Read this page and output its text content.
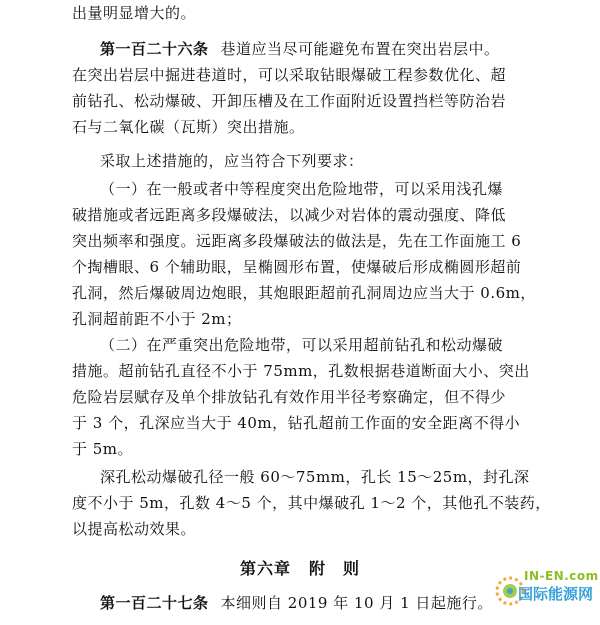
出量明显增大的。
第一百二十六条 巷道应当尽可能避免布置在突出岩层中。
在突出岩层中掘进巷道时，可以采取钻眼爆破工程参数优化、超
前钻孔、松动爆破、开卸压槽及在工作面附近设置挡栏等防治岩
石与二氧化碳（瓦斯）突出措施。
采取上述措施的，应当符合下列要求：
（一）在一般或者中等程度突出危险地带，可以采用浅孔爆
破措施或者远距离多段爆破法，以减少对岩体的震动强度、降低
突出频率和强度。远距离多段爆破法的做法是，先在工作面施工 6
个掏槽眼、6 个辅助眼，呈椭圆形布置，使爆破后形成椭圆形超前
孔洞，然后爆破周边炮眼，其炮眼距超前孔洞周边应当大于 0.6m，
孔洞超前距不小于 2m；
（二）在严重突出危险地带，可以采用超前钻孔和松动爆破
措施。超前钻孔直径不小于 75mm，孔数根据巷道断面大小、突出
危险岩层赋存及单个排放钻孔有效作用半径考察确定，但不得少
于 3 个，孔深应当大于 40m，钻孔超前工作面的安全距离不得小
于 5m。
深孔松动爆破孔径一般 60～75mm，孔长 15～25m，封孔深
度不小于 5m，孔数 4～5 个，其中爆破孔 1～2 个，其他孔不装药，
以提高松动效果。
第六章 附　则
第一百二十七条 本细则自 2019 年 10 月 1 日起施行。
IN-EN.com
国际能源网
